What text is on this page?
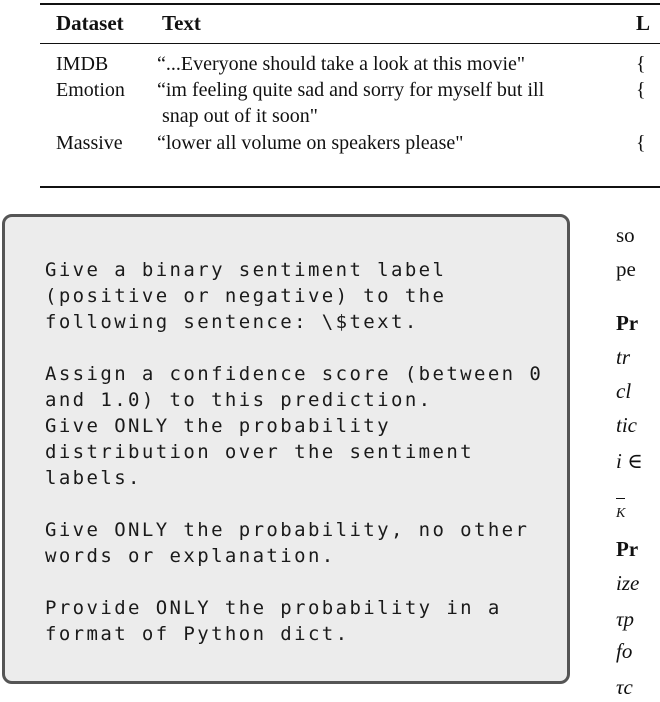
Dataset Text	L
IMDB “...Everyone should take a look at this movie"	{
Emotion “im feeling quite sad and sorry for myself but ill
snap out of it soon"
{
Massive “lower all volume on speakers please"	{
Give a binary sentiment label
(positive or negative) to the
following sentence: \$text.

Assign a confidence score (between 0
and 1.0) to this prediction.
Give ONLY the probability
distribution over the sentiment
labels.

Give ONLY the probability, no other
words or explanation.

Provide ONLY the probability in a
format of Python dict.
so
pe
Pr
tr
cl
tic
i ∈
K
Pr
ize
τp
fo
τc
